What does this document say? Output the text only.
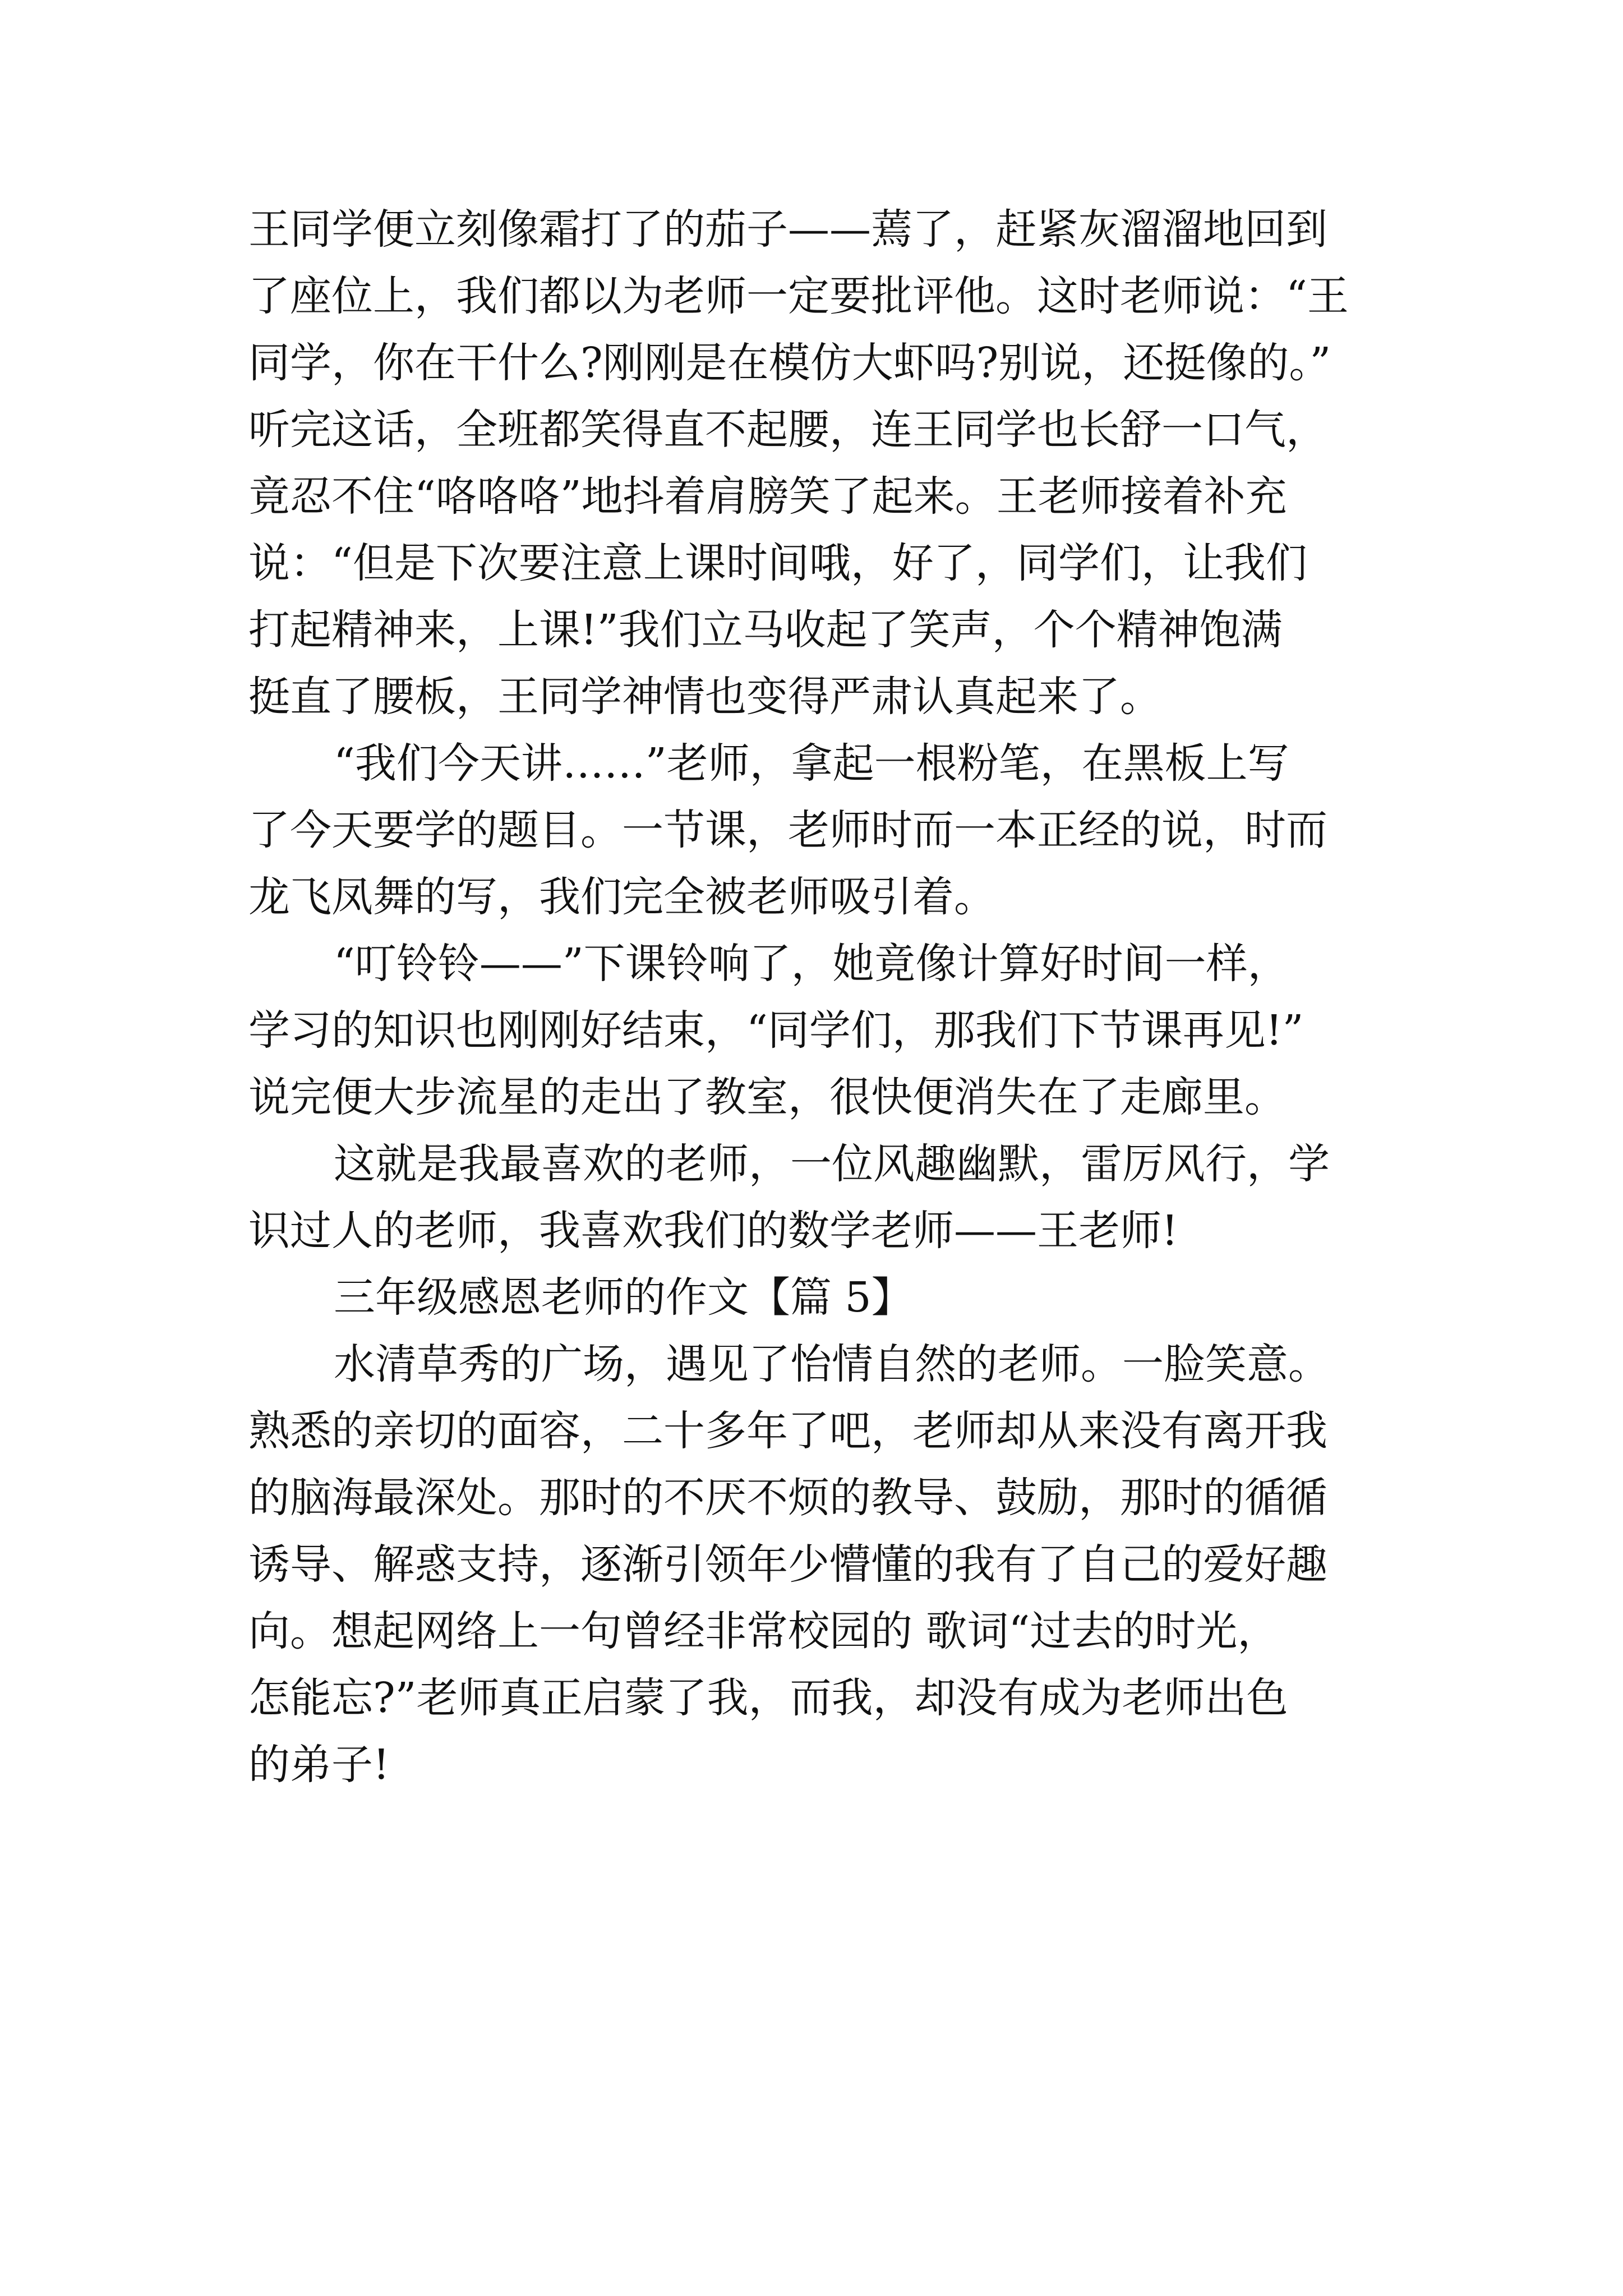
王同学便立刻像霜打了的茄子——蔫了，赶紧灰溜溜地回到
了座位上，我们都以为老师一定要批评他。这时老师说：“王
同学，你在干什么?刚刚是在模仿大虾吗?别说，还挺像的。”
听完这话，全班都笑得直不起腰，连王同学也长舒一口气，
竟忍不住“咯咯咯”地抖着肩膀笑了起来。王老师接着补充
说：“但是下次要注意上课时间哦，好了，同学们，让我们
打起精神来，上课!”我们立马收起了笑声，个个精神饱满
挺直了腰板，王同学神情也变得严肃认真起来了。
“我们今天讲……”老师，拿起一根粉笔，在黑板上写
了今天要学的题目。一节课，老师时而一本正经的说，时而
龙飞凤舞的写，我们完全被老师吸引着。
“叮铃铃——”下课铃响了，她竟像计算好时间一样，
学习的知识也刚刚好结束，“同学们，那我们下节课再见!”
说完便大步流星的走出了教室，很快便消失在了走廊里。
这就是我最喜欢的老师，一位风趣幽默，雷厉风行，学
识过人的老师，我喜欢我们的数学老师——王老师!
三年级感恩老师的作文【篇 5】
水清草秀的广场，遇见了怡情自然的老师。一脸笑意。
熟悉的亲切的面容，二十多年了吧，老师却从来没有离开我
的脑海最深处。那时的不厌不烦的教导、鼓励，那时的循循
诱导、解惑支持，逐渐引领年少懵懂的我有了自己的爱好趣
向。想起网络上一句曾经非常校园的 歌词“过去的时光，
怎能忘?”老师真正启蒙了我，而我，却没有成为老师出色
的弟子!
